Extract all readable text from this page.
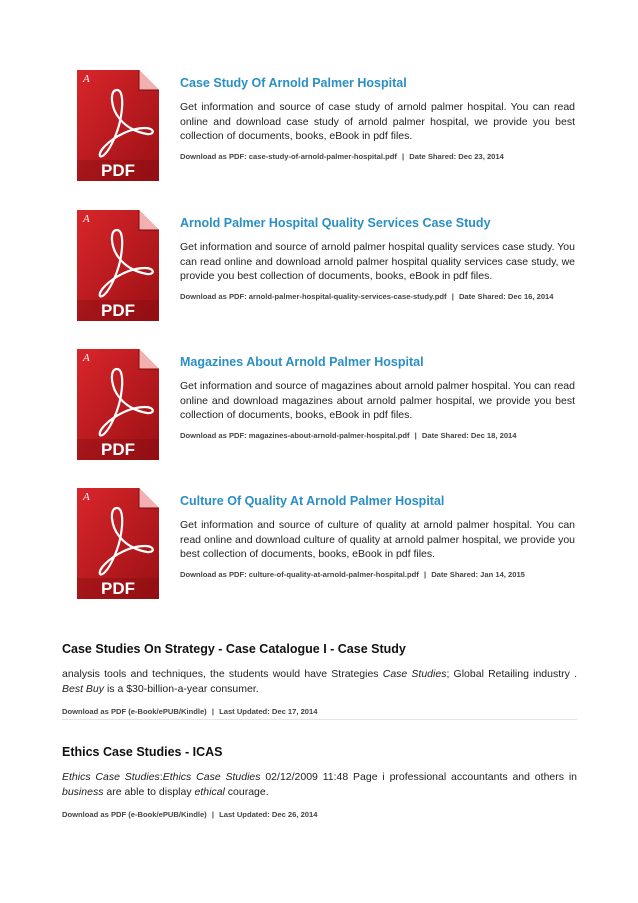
A
PDF
Case Study Of Arnold Palmer Hospital
Get information and source of case study of arnold palmer hospital. You can read online and download case study of arnold palmer hospital, we provide you best collection of documents, books, eBook in pdf files.
Download as PDF: case-study-of-arnold-palmer-hospital.pdf | Date Shared: Dec 23, 2014
A
PDF
Arnold Palmer Hospital Quality Services Case Study
Get information and source of arnold palmer hospital quality services case study. You can read online and download arnold palmer hospital quality services case study, we provide you best collection of documents, books, eBook in pdf files.
Download as PDF: arnold-palmer-hospital-quality-services-case-study.pdf | Date Shared: Dec 16, 2014
A
PDF
Magazines About Arnold Palmer Hospital
Get information and source of magazines about arnold palmer hospital. You can read online and download magazines about arnold palmer hospital, we provide you best collection of documents, books, eBook in pdf files.
Download as PDF: magazines-about-arnold-palmer-hospital.pdf | Date Shared: Dec 18, 2014
A
PDF
Culture Of Quality At Arnold Palmer Hospital
Get information and source of culture of quality at arnold palmer hospital. You can read online and download culture of quality at arnold palmer hospital, we provide you best collection of documents, books, eBook in pdf files.
Download as PDF: culture-of-quality-at-arnold-palmer-hospital.pdf | Date Shared: Jan 14, 2015
Case Studies On Strategy - Case Catalogue I - Case Study
analysis tools and techniques, the students would have Strategies Case Studies; Global Retailing industry . Best Buy is a $30-billion-a-year consumer.
Download as PDF (e-Book/ePUB/Kindle) | Last Updated: Dec 17, 2014
Ethics Case Studies - ICAS
Ethics Case Studies:Ethics Case Studies 02/12/2009 11:48 Page i professional accountants and others in business are able to display ethical courage.
Download as PDF (e-Book/ePUB/Kindle) | Last Updated: Dec 26, 2014
